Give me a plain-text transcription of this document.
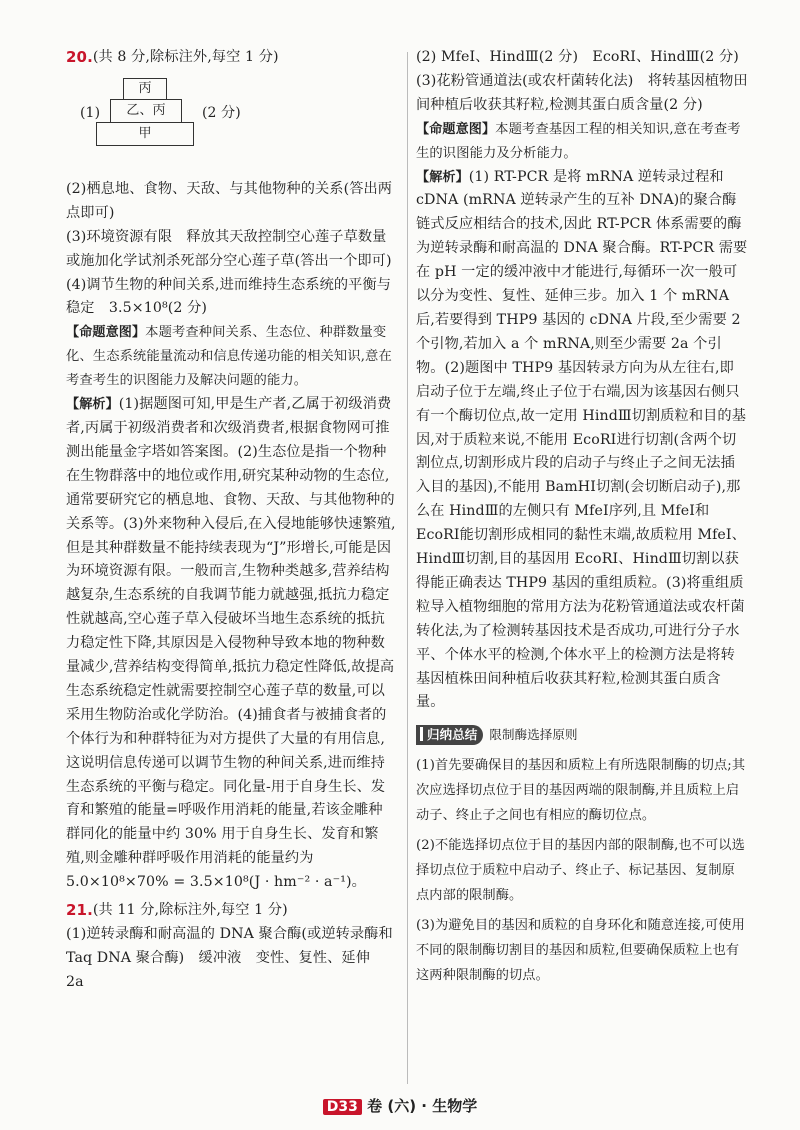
20. (共 8 分,除标注外,每空 1 分)
(1)
丙
乙、丙
甲
(2 分)

(2)栖息地、食物、天敌、与其他物种的关系(答出两点即可)

(3)环境资源有限　释放其天敌控制空心莲子草数量或施加化学试剂杀死部分空心莲子草(答出一个即可)

(4)调节生物的种间关系,进而维持生态系统的平衡与稳定　3.5×10⁸(2 分)

【命题意图】本题考查种间关系、生态位、种群数量变化、生态系统能量流动和信息传递功能的相关知识,意在考查考生的识图能力及解决问题的能力。

【解析】(1)据题图可知,甲是生产者,乙属于初级消费者,丙属于初级消费者和次级消费者,根据食物网可推测出能量金字塔如答案图。(2)生态位是指一个物种在生物群落中的地位或作用,研究某种动物的生态位,通常要研究它的栖息地、食物、天敌、与其他物种的关系等。(3)外来物种入侵后,在入侵地能够快速繁殖,但是其种群数量不能持续表现为“J”形增长,可能是因为环境资源有限。一般而言,生物种类越多,营养结构越复杂,生态系统的自我调节能力就越强,抵抗力稳定性就越高,空心莲子草入侵破坏当地生态系统的抵抗力稳定性下降,其原因是入侵物种导致本地的物种数量减少,营养结构变得简单,抵抗力稳定性降低,故提高生态系统稳定性就需要控制空心莲子草的数量,可以采用生物防治或化学防治。(4)捕食者与被捕食者的个体行为和种群特征为对方提供了大量的有用信息,这说明信息传递可以调节生物的种间关系,进而维持生态系统的平衡与稳定。同化量-用于自身生长、发育和繁殖的能量=呼吸作用消耗的能量,若该金雕种群同化的能量中约 30% 用于自身生长、发育和繁殖,则金雕种群呼吸作用消耗的能量约为 5.0×10⁸×70% = 3.5×10⁸(J · hm⁻² · a⁻¹)。

21. (共 11 分,除标注外,每空 1 分)

(1)逆转录酶和耐高温的 DNA 聚合酶(或逆转录酶和 Taq DNA 聚合酶)　缓冲液　变性、复性、延伸　2a

(2) MfeⅠ、HindⅢ(2 分)　EcoRⅠ、HindⅢ(2 分)

(3)花粉管通道法(或农杆菌转化法)　将转基因植物田间种植后收获其籽粒,检测其蛋白质含量(2 分)

【命题意图】本题考查基因工程的相关知识,意在考查考生的识图能力及分析能力。

【解析】(1) RT-PCR 是将 mRNA 逆转录过程和 cDNA (mRNA 逆转录产生的互补 DNA)的聚合酶链式反应相结合的技术,因此 RT-PCR 体系需要的酶为逆转录酶和耐高温的 DNA 聚合酶。RT-PCR 需要在 pH 一定的缓冲液中才能进行,每循环一次一般可以分为变性、复性、延伸三步。加入 1 个 mRNA 后,若要得到 THP9 基因的 cDNA 片段,至少需要 2 个引物,若加入 a 个 mRNA,则至少需要 2a 个引物。(2)题图中 THP9 基因转录方向为从左往右,即启动子位于左端,终止子位于右端,因为该基因右侧只有一个酶切位点,故一定用 HindⅢ切割质粒和目的基因,对于质粒来说,不能用 EcoRⅠ进行切割(含两个切割位点,切割形成片段的启动子与终止子之间无法插入目的基因),不能用 BamHⅠ切割(会切断启动子),那么在 HindⅢ的左侧只有 MfeⅠ序列,且 MfeⅠ和 EcoRⅠ能切割形成相同的黏性末端,故质粒用 MfeⅠ、HindⅢ切割,目的基因用 EcoRⅠ、HindⅢ切割以获得能正确表达 THP9 基因的重组质粒。(3)将重组质粒导入植物细胞的常用方法为花粉管通道法或农杆菌转化法,为了检测转基因技术是否成功,可进行分子水平、个体水平的检测,个体水平上的检测方法是将转基因植株田间种植后收获其籽粒,检测其蛋白质含量。

归纳总结 限制酶选择原则

(1)首先要确保目的基因和质粒上有所选限制酶的切点;其次应选择切点位于目的基因两端的限制酶,并且质粒上启动子、终止子之间也有相应的酶切位点。

(2)不能选择切点位于目的基因内部的限制酶,也不可以选择切点位于质粒中启动子、终止子、标记基因、复制原点内部的限制酶。

(3)为避免目的基因和质粒的自身环化和随意连接,可使用不同的限制酶切割目的基因和质粒,但要确保质粒上也有这两种限制酶的切点。

D33 卷 (六) · 生物学
